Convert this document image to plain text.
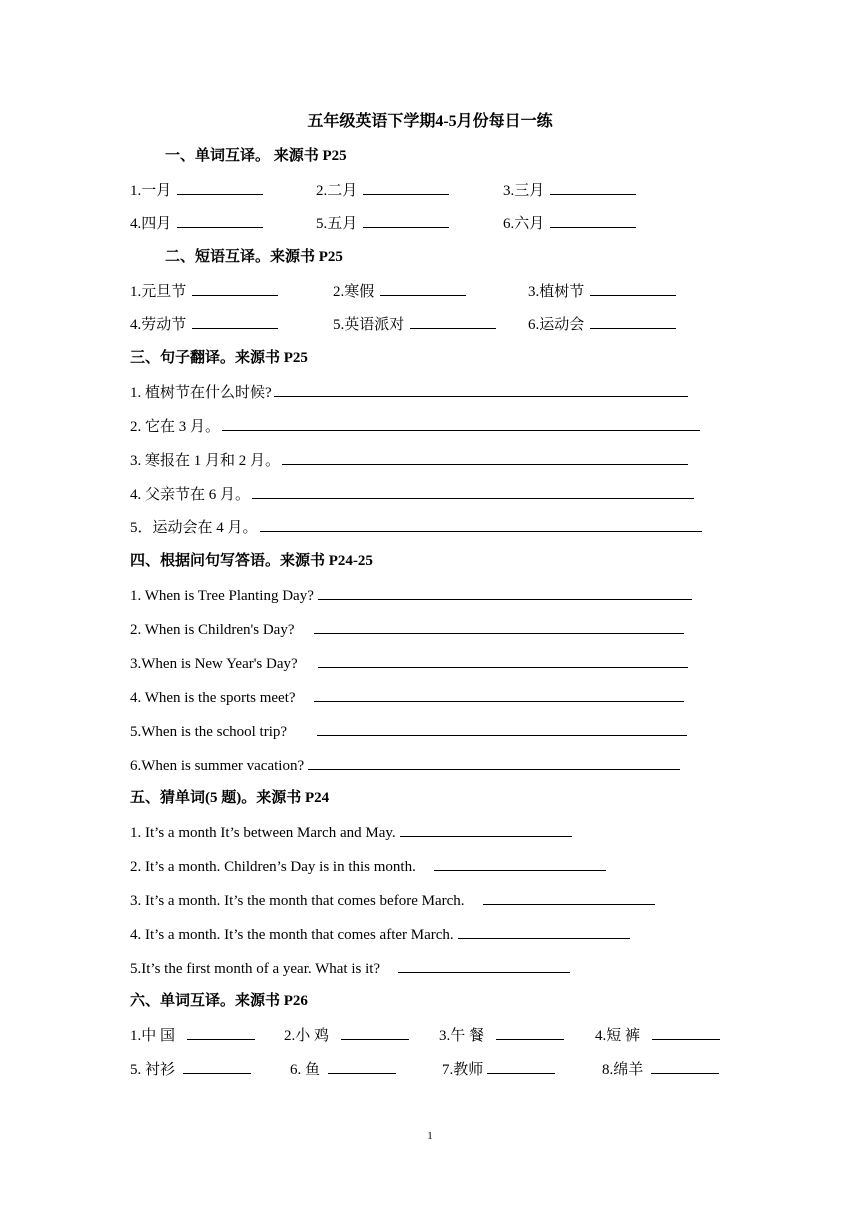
五年级英语下学期4-5月份每日一练
一、单词互译。 来源书 P25
1.一月	2.二月	3.三月
4.四月	5.五月	6.六月
二、短语互译。来源书 P25
1.元旦节	2.寒假	3.植树节
4.劳动节	5.英语派对	6.运动会
三、句子翻译。来源书 P25
1. 植树节在什么时候?
2. 它在 3 月。
3. 寒报在 1 月和 2 月。
4. 父亲节在 6 月。
5．运动会在 4 月。
四、根据问句写答语。来源书 P24-25
1. When is Tree Planting Day?
2. When is Children's Day?
3.When is New Year's Day?
4. When is the sports meet?
5.When is the school trip?
6.When is summer vacation?
五、猜单词(5 题)。来源书 P24
1. It’s a month It’s between March and May.
2. It’s a month. Children’s Day is in this month.
3. It’s a month. It’s the month that comes before March.
4. It’s a month. It’s the month that comes after March.
5.It’s the first month of a year. What is it?
六、单词互译。来源书 P26
1.中 国	2.小 鸡	3.午 餐	4.短 裤
5. 衬衫	6. 鱼	7.教师	8.绵羊
1
